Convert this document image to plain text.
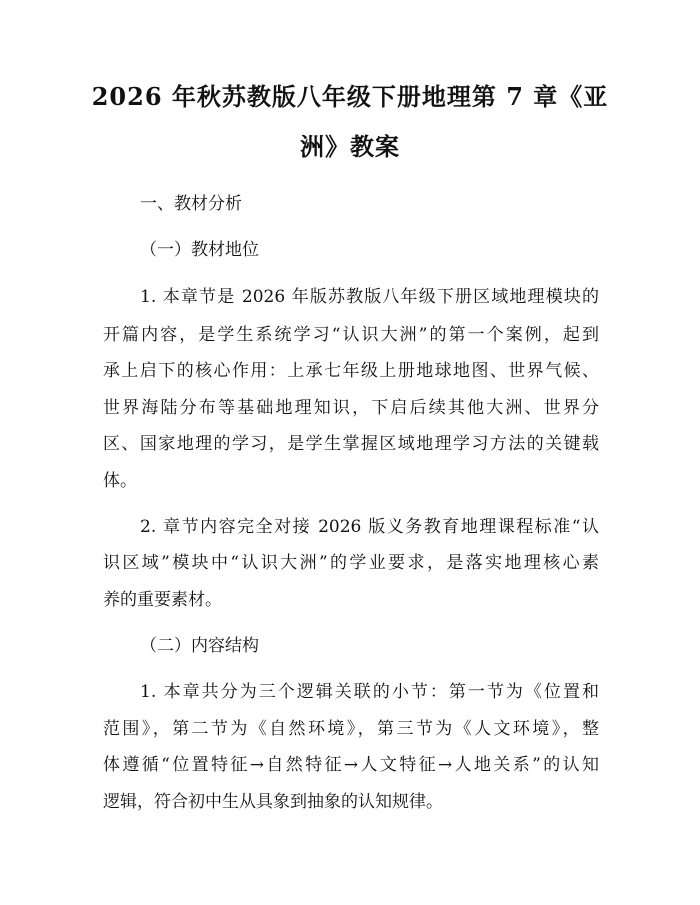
2026 年秋苏教版八年级下册地理第 7 章《亚
洲》教案
一、教材分析
（一）教材地位
1. 本章节是 2026 年版苏教版八年级下册区域地理模块的
开篇内容，是学生系统学习“认识大洲”的第一个案例，起到
承上启下的核心作用：上承七年级上册地球地图、世界气候、
世界海陆分布等基础地理知识，下启后续其他大洲、世界分
区、国家地理的学习，是学生掌握区域地理学习方法的关键载
体。
2. 章节内容完全对接 2026 版义务教育地理课程标准“认
识区域”模块中“认识大洲”的学业要求，是落实地理核心素
养的重要素材。
（二）内容结构
1. 本章共分为三个逻辑关联的小节：第一节为《位置和
范围》，第二节为《自然环境》，第三节为《人文环境》，整
体遵循“位置特征→自然特征→人文特征→人地关系”的认知
逻辑，符合初中生从具象到抽象的认知规律。
